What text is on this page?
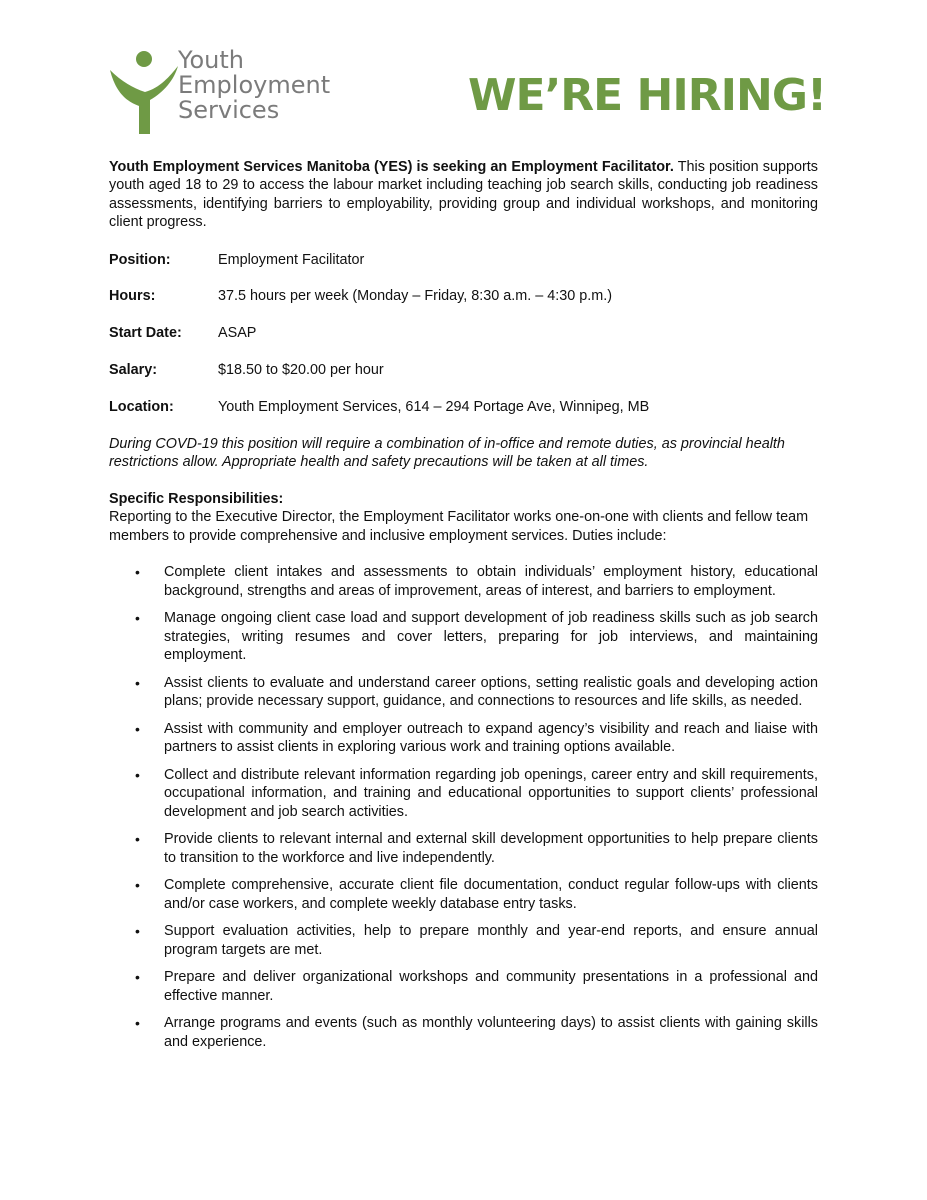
Youth
Employment
Services	WE’RE HIRING!

Youth Employment Services Manitoba (YES) is seeking an Employment Facilitator. This position supports youth aged 18 to 29 to access the labour market including teaching job search skills, conducting job readiness assessments, identifying barriers to employability, providing group and individual workshops, and monitoring client progress.

Position:	Employment Facilitator
Hours:	37.5 hours per week (Monday – Friday, 8:30 a.m. – 4:30 p.m.)
Start Date:	ASAP
Salary:	$18.50 to $20.00 per hour
Location:	Youth Employment Services, 614 – 294 Portage Ave, Winnipeg, MB

During COVD-19 this position will require a combination of in-office and remote duties, as provincial health restrictions allow. Appropriate health and safety precautions will be taken at all times.

Specific Responsibilities:

Reporting to the Executive Director, the Employment Facilitator works one-on-one with clients and fellow team members to provide comprehensive and inclusive employment services. Duties include:

• Complete client intakes and assessments to obtain individuals’ employment history, educational background, strengths and areas of improvement, areas of interest, and barriers to employment.
• Manage ongoing client case load and support development of job readiness skills such as job search strategies, writing resumes and cover letters, preparing for job interviews, and maintaining employment.
• Assist clients to evaluate and understand career options, setting realistic goals and developing action plans; provide necessary support, guidance, and connections to resources and life skills, as needed.
• Assist with community and employer outreach to expand agency’s visibility and reach and liaise with partners to assist clients in exploring various work and training options available.
• Collect and distribute relevant information regarding job openings, career entry and skill requirements, occupational information, and training and educational opportunities to support clients’ professional development and job search activities.
• Provide clients to relevant internal and external skill development opportunities to help prepare clients to transition to the workforce and live independently.
• Complete comprehensive, accurate client file documentation, conduct regular follow-ups with clients and/or case workers, and complete weekly database entry tasks.
• Support evaluation activities, help to prepare monthly and year-end reports, and ensure annual program targets are met.
• Prepare and deliver organizational workshops and community presentations in a professional and effective manner.
• Arrange programs and events (such as monthly volunteering days) to assist clients with gaining skills and experience.
